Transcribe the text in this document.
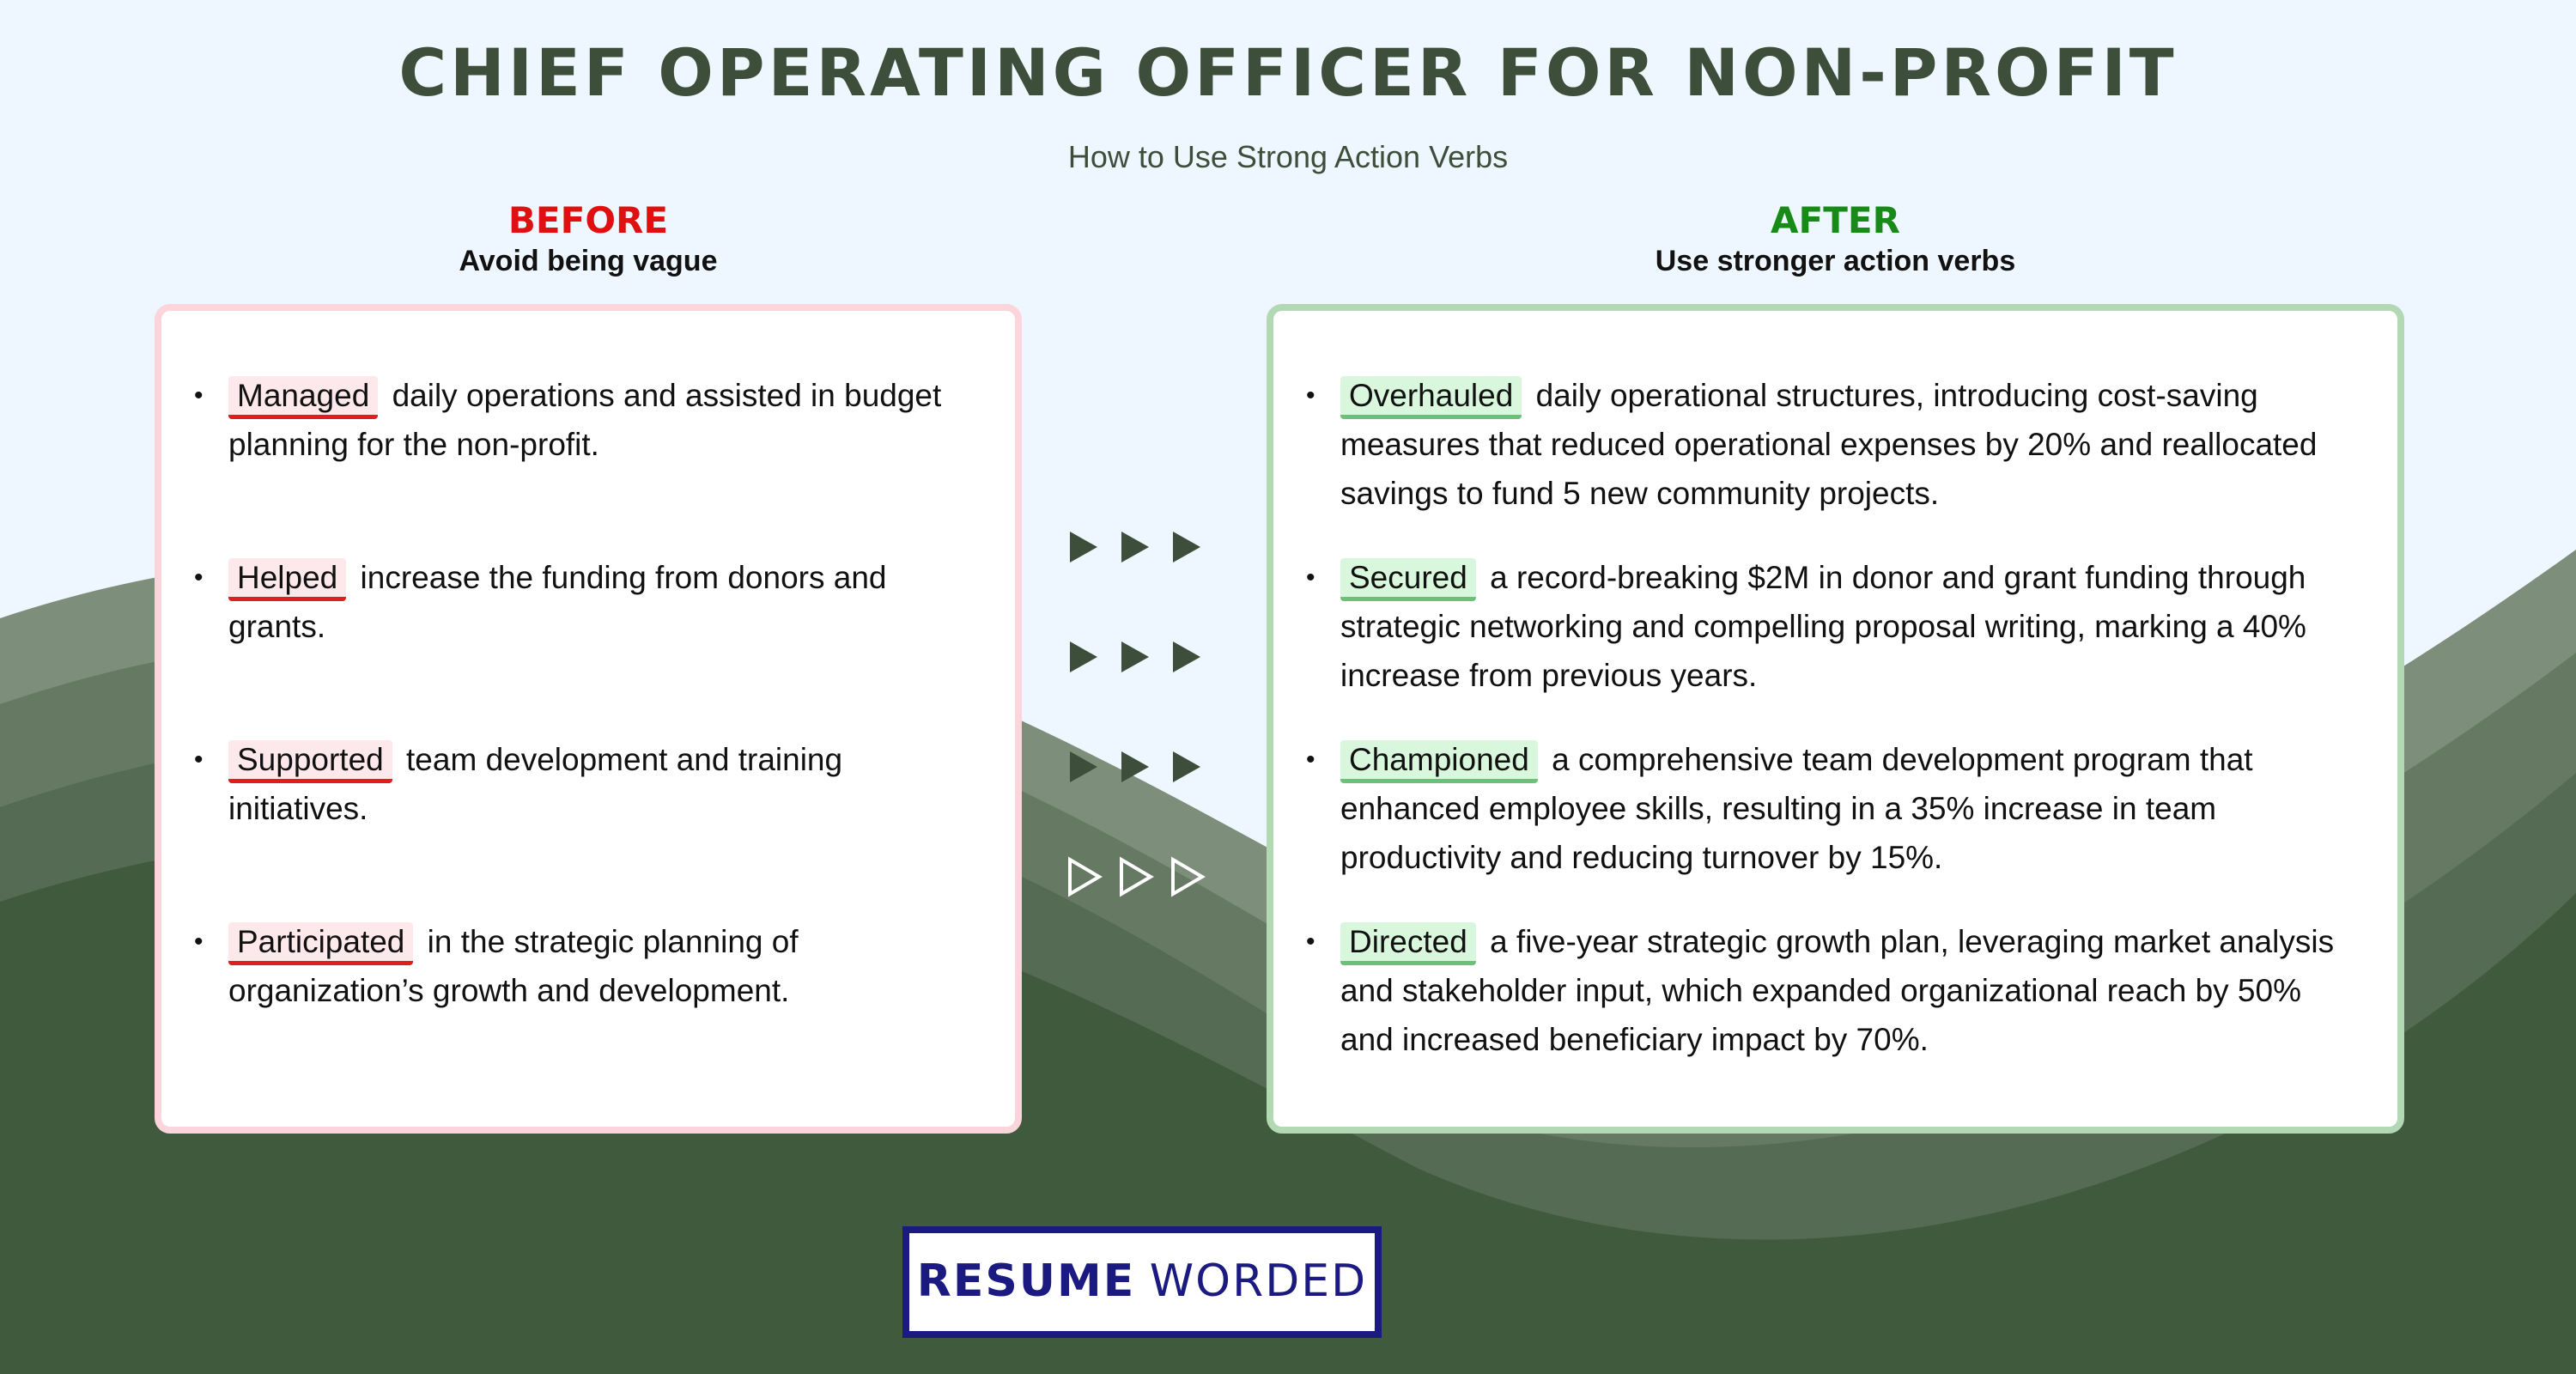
CHIEF OPERATING OFFICER FOR NON-PROFIT
How to Use Strong Action Verbs
BEFORE
Avoid being vague
AFTER
Use stronger action verbs
•	Managed daily operations and assisted in budget planning for the non-profit.
•	Helped increase the funding from donors and grants.
•	Supported team development and training initiatives.
•	Participated in the strategic planning of organization’s growth and development.
•	Overhauled daily operational structures, introducing cost-saving measures that reduced operational expenses by 20% and reallocated savings to fund 5 new community projects.
•	Secured a record-breaking $2M in donor and grant funding through strategic networking and compelling proposal writing, marking a 40% increase from previous years.
•	Championed a comprehensive team development program that enhanced employee skills, resulting in a 35% increase in team productivity and reducing turnover by 15%.
•	Directed a five-year strategic growth plan, leveraging market analysis and stakeholder input, which expanded organizational reach by 50% and increased beneficiary impact by 70%.
RESUME WORDED
